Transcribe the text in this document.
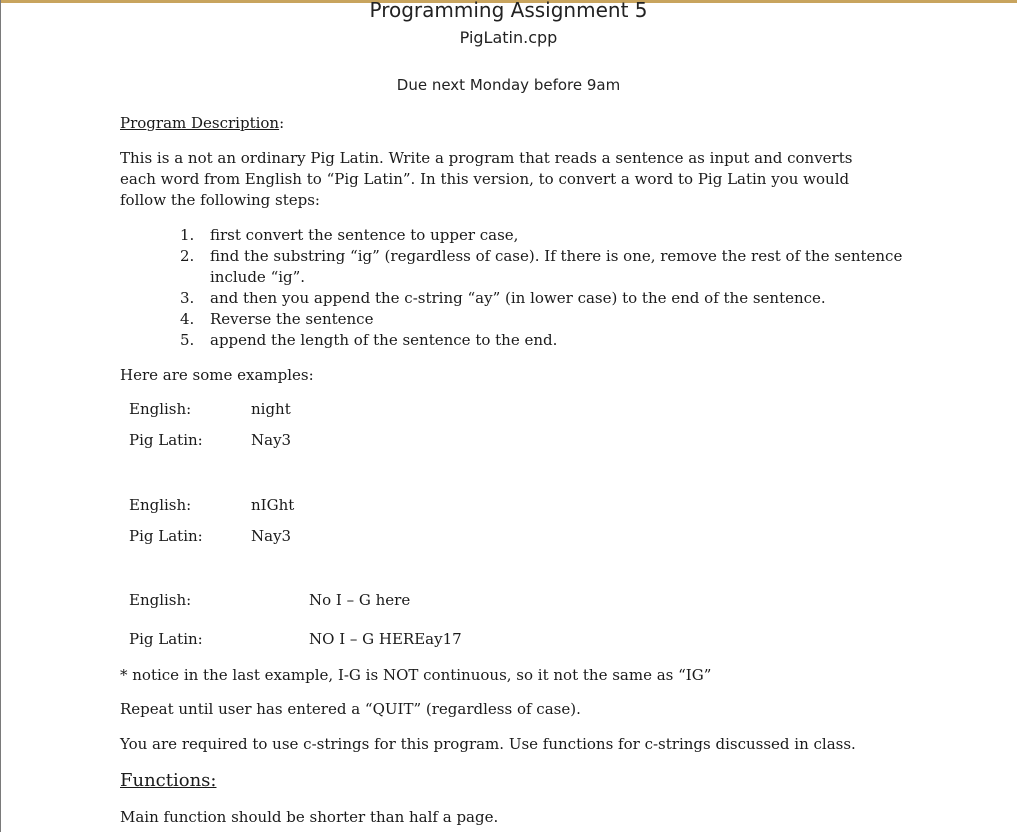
Programming Assignment 5
PigLatin.cpp
Due next Monday before 9am
Program Description:
This is a not an ordinary Pig Latin. Write a program that reads a sentence as input and converts each word from English to “Pig Latin”. In this version, to convert a word to Pig Latin you would follow the following steps:
1. first convert the sentence to upper case,
2. find the substring “ig” (regardless of case). If there is one, remove the rest of the sentence include “ig”.
3. and then you append the c-string “ay” (in lower case) to the end of the sentence.
4. Reverse the sentence
5. append the length of the sentence to the end.
Here are some examples:
English:	night
Pig Latin:	Nay3
English:	nIGht
Pig Latin:	Nay3
English:	No I – G here
Pig Latin:	NO I – G HEREay17
* notice in the last example, I-G is NOT continuous, so it not the same as “IG”
Repeat until user has entered a “QUIT” (regardless of case).
You are required to use c-strings for this program. Use functions for c-strings discussed in class.
Functions:
Main function should be shorter than half a page.
